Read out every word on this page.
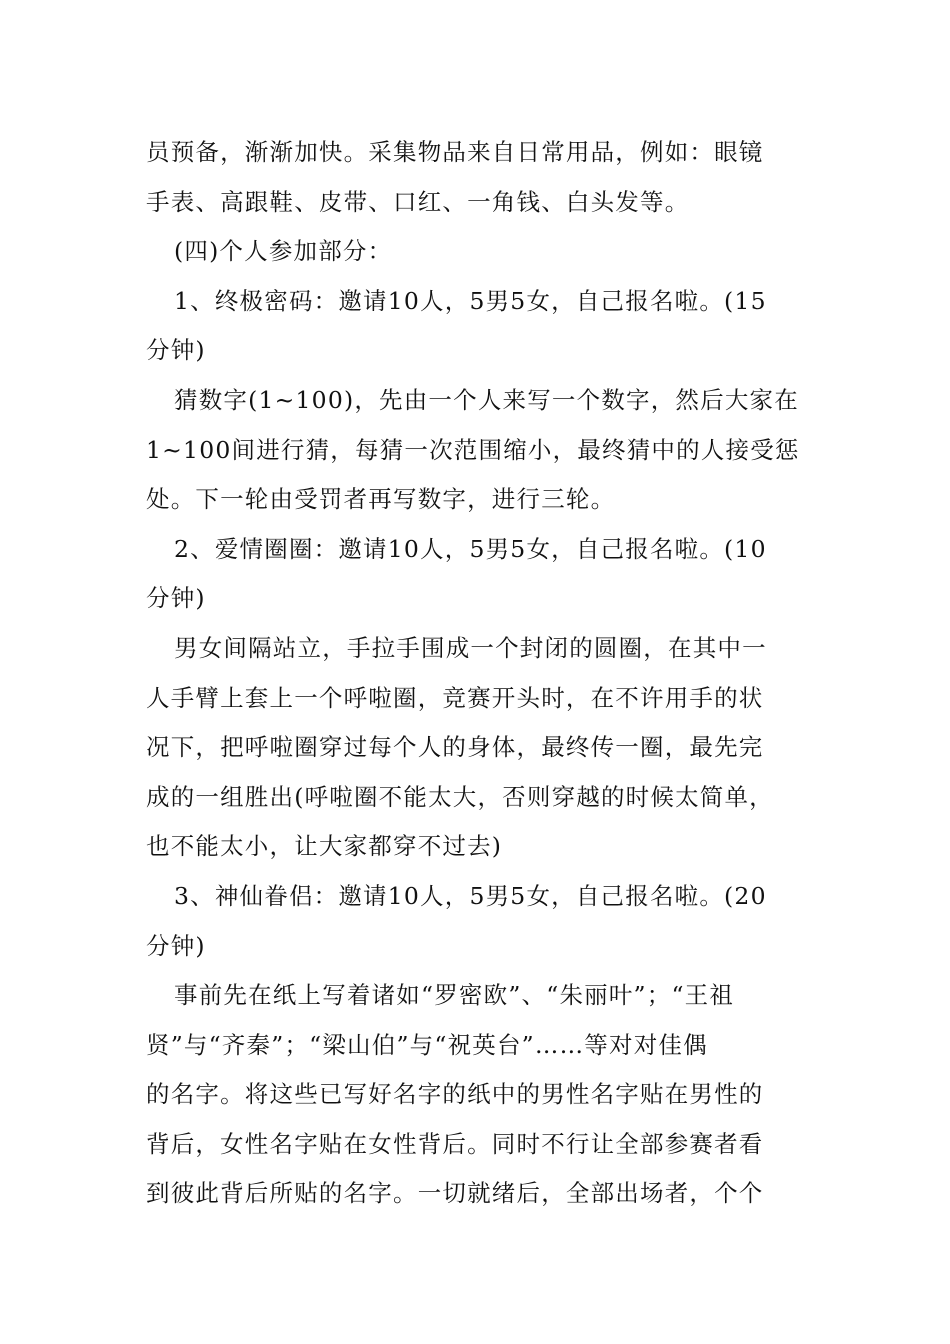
员预备，渐渐加快。采集物品来自日常用品，例如：眼镜
手表、高跟鞋、皮带、口红、一角钱、白头发等。

(四)个人参加部分：

1、终极密码：邀请10人，5男5女，自己报名啦。(15
分钟)

猜数字(1~100)，先由一个人来写一个数字，然后大家在
1~100间进行猜，每猜一次范围缩小，最终猜中的人接受惩
处。下一轮由受罚者再写数字，进行三轮。

2、爱情圈圈：邀请10人，5男5女，自己报名啦。(10
分钟)

男女间隔站立，手拉手围成一个封闭的圆圈，在其中一
人手臂上套上一个呼啦圈，竞赛开头时，在不许用手的状
况下，把呼啦圈穿过每个人的身体，最终传一圈，最先完
成的一组胜出(呼啦圈不能太大，否则穿越的时候太简单，
也不能太小，让大家都穿不过去)

3、神仙眷侣：邀请10人，5男5女，自己报名啦。(20
分钟)

事前先在纸上写着诸如“罗密欧”、“朱丽叶”；“王祖
贤”与“齐秦”；“梁山伯”与“祝英台”……等对对佳偶
的名字。将这些已写好名字的纸中的男性名字贴在男性的
背后，女性名字贴在女性背后。同时不行让全部参赛者看
到彼此背后所贴的名字。一切就绪后，全部出场者，个个
